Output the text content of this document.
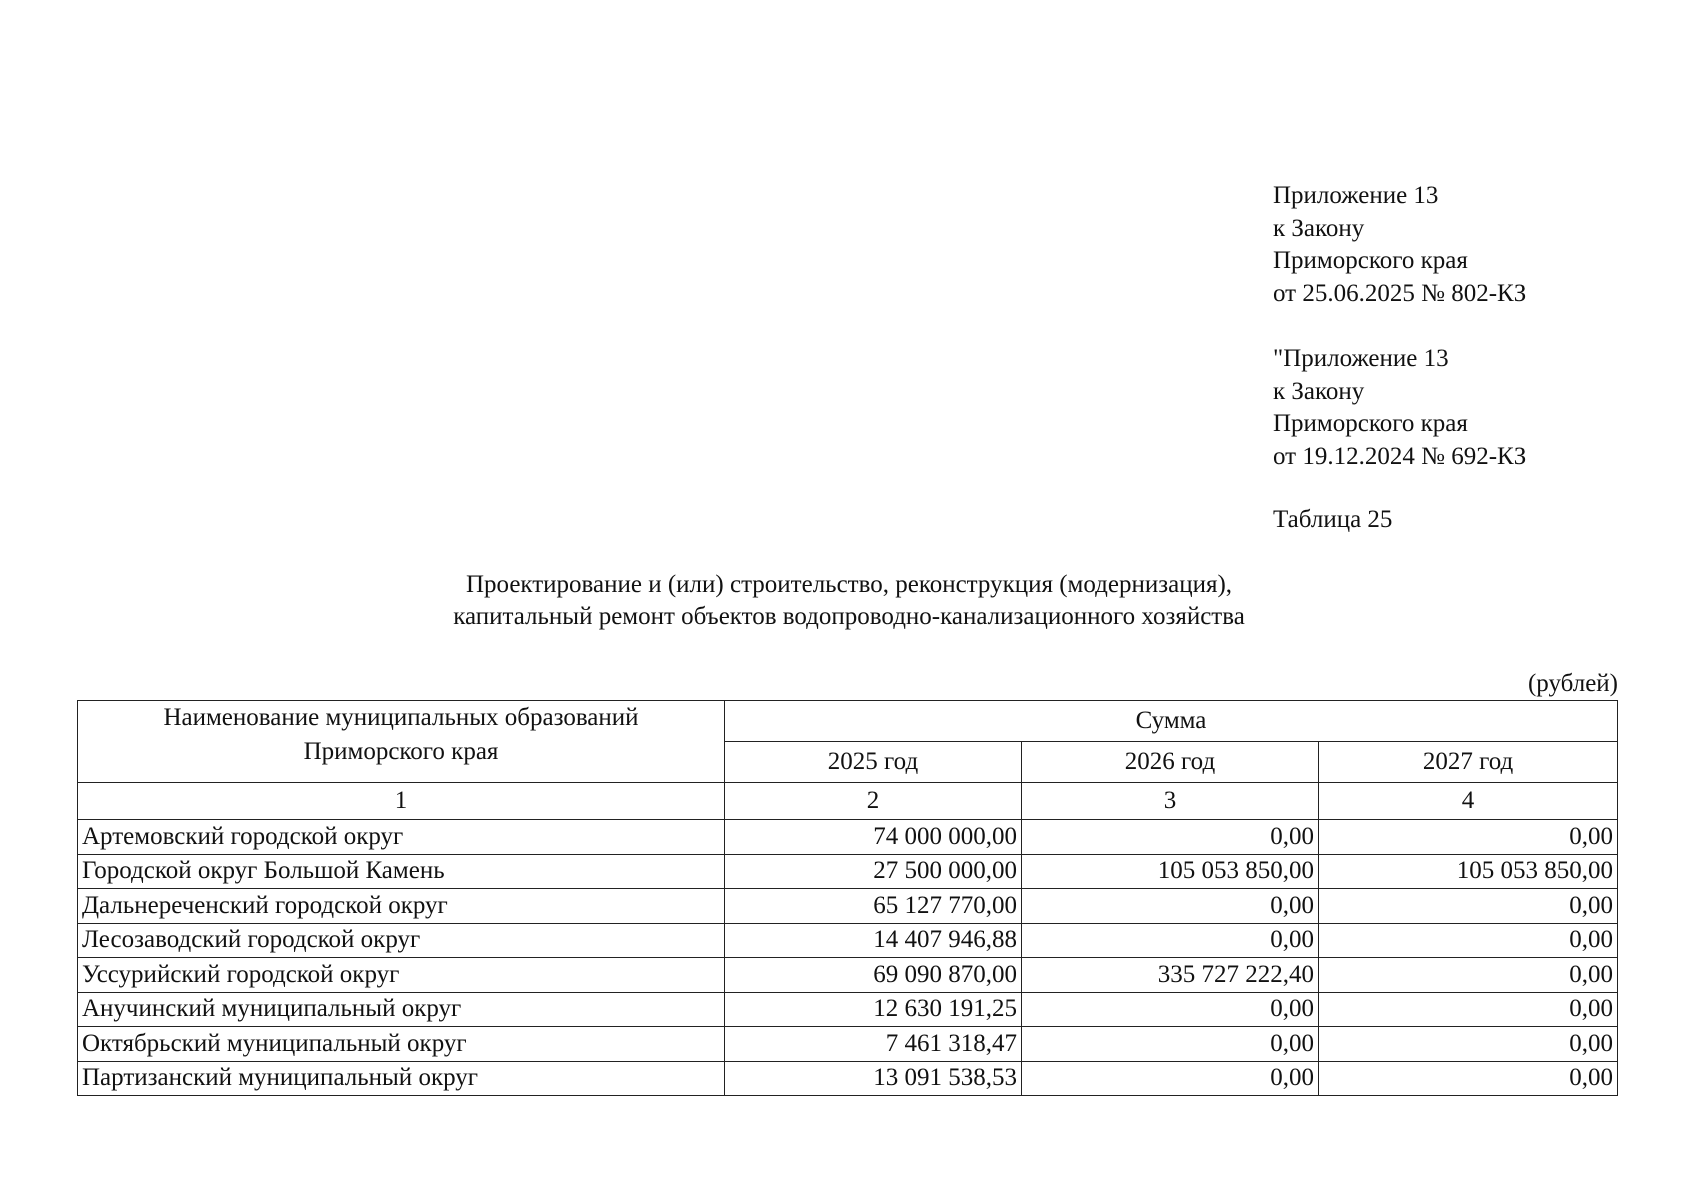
Приложение 13
к Закону
Приморского края
от 25.06.2025 № 802-КЗ
"Приложение 13
к Закону
Приморского края
от 19.12.2024 № 692-КЗ
Таблица 25
Проектирование и (или) строительство, реконструкция (модернизация),
капитальный ремонт объектов водопроводно-канализационного хозяйства
(рублей)
Наименование муниципальных образований Приморского края	Сумма		
	2025 год	2026 год	2027 год
1	2	3	4
Артемовский городской округ	74 000 000,00	0,00	0,00
Городской округ Большой Камень	27 500 000,00	105 053 850,00	105 053 850,00
Дальнереченский городской округ	65 127 770,00	0,00	0,00
Лесозаводский городской округ	14 407 946,88	0,00	0,00
Уссурийский городской округ	69 090 870,00	335 727 222,40	0,00
Анучинский муниципальный округ	12 630 191,25	0,00	0,00
Октябрьский муниципальный округ	7 461 318,47	0,00	0,00
Партизанский муниципальный округ	13 091 538,53	0,00	0,00
